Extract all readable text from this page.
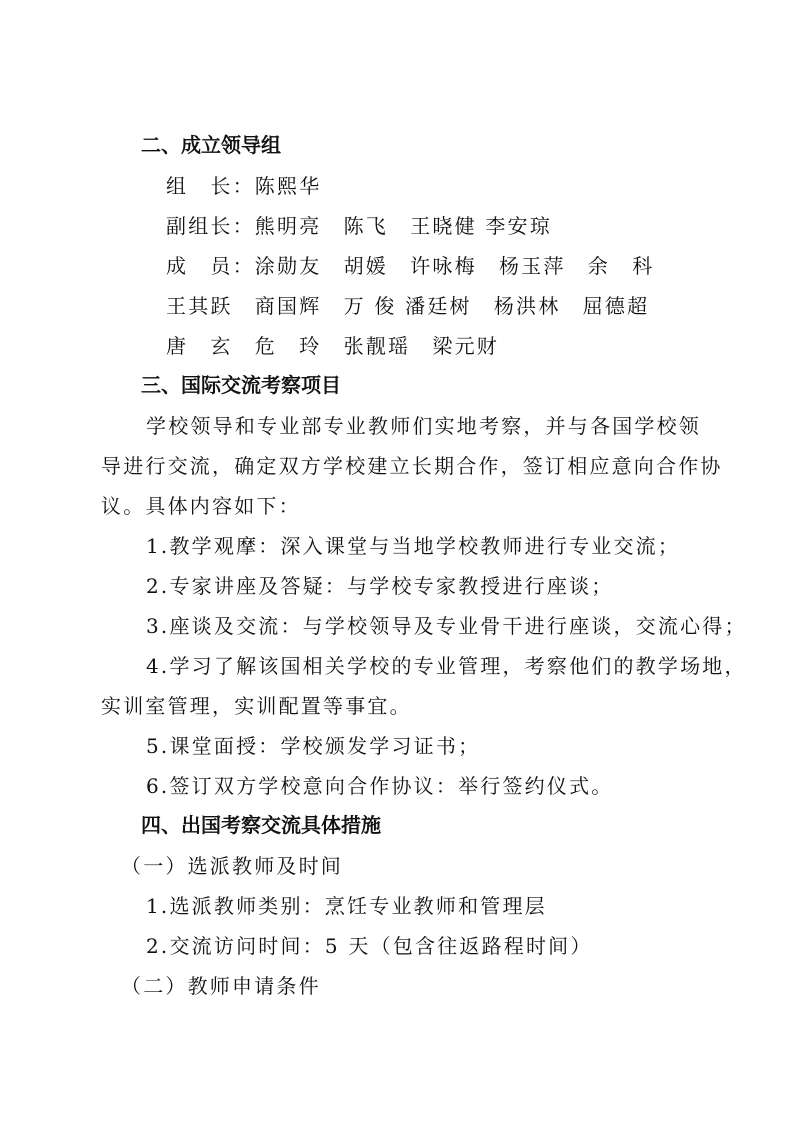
二、成立领导组
组　长：陈熙华
副组长：熊明亮　陈飞　王晓健 李安琼
成　员：涂勋友　胡媛　许咏梅　杨玉萍　余　科
王其跃　商国辉　万 俊 潘廷树　杨洪林　屈德超
唐　玄　危　玲　张靓瑶　梁元财
三、国际交流考察项目
学校领导和专业部专业教师们实地考察，并与各国学校领
导进行交流，确定双方学校建立长期合作，签订相应意向合作协
议。具体内容如下：
1.教学观摩：深入课堂与当地学校教师进行专业交流；
2.专家讲座及答疑：与学校专家教授进行座谈；
3.座谈及交流：与学校领导及专业骨干进行座谈，交流心得；
4.学习了解该国相关学校的专业管理，考察他们的教学场地，
实训室管理，实训配置等事宜。
5.课堂面授：学校颁发学习证书；
6.签订双方学校意向合作协议：举行签约仪式。
四、出国考察交流具体措施
（一）选派教师及时间
1.选派教师类别：烹饪专业教师和管理层
2.交流访问时间：5 天（包含往返路程时间）
（二）教师申请条件
